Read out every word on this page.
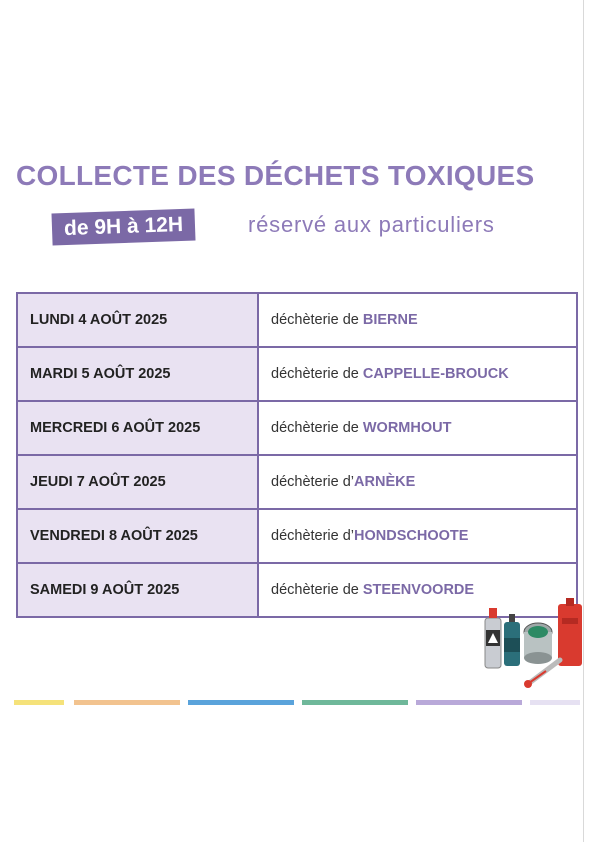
COLLECTE DES DÉCHETS TOXIQUES
de 9H à 12H	réservé aux particuliers
LUNDI 4 AOÛT 2025	déchèterie de BIERNE
MARDI 5 AOÛT 2025	déchèterie de CAPPELLE-BROUCK
MERCREDI 6 AOÛT 2025	déchèterie de WORMHOUT
JEUDI 7 AOÛT 2025	déchèterie d’ ARNÈKE
VENDREDI 8 AOÛT 2025	déchèterie d’ HONDSCHOOTE
SAMEDI 9 AOÛT 2025	déchèterie de STEENVOORDE
